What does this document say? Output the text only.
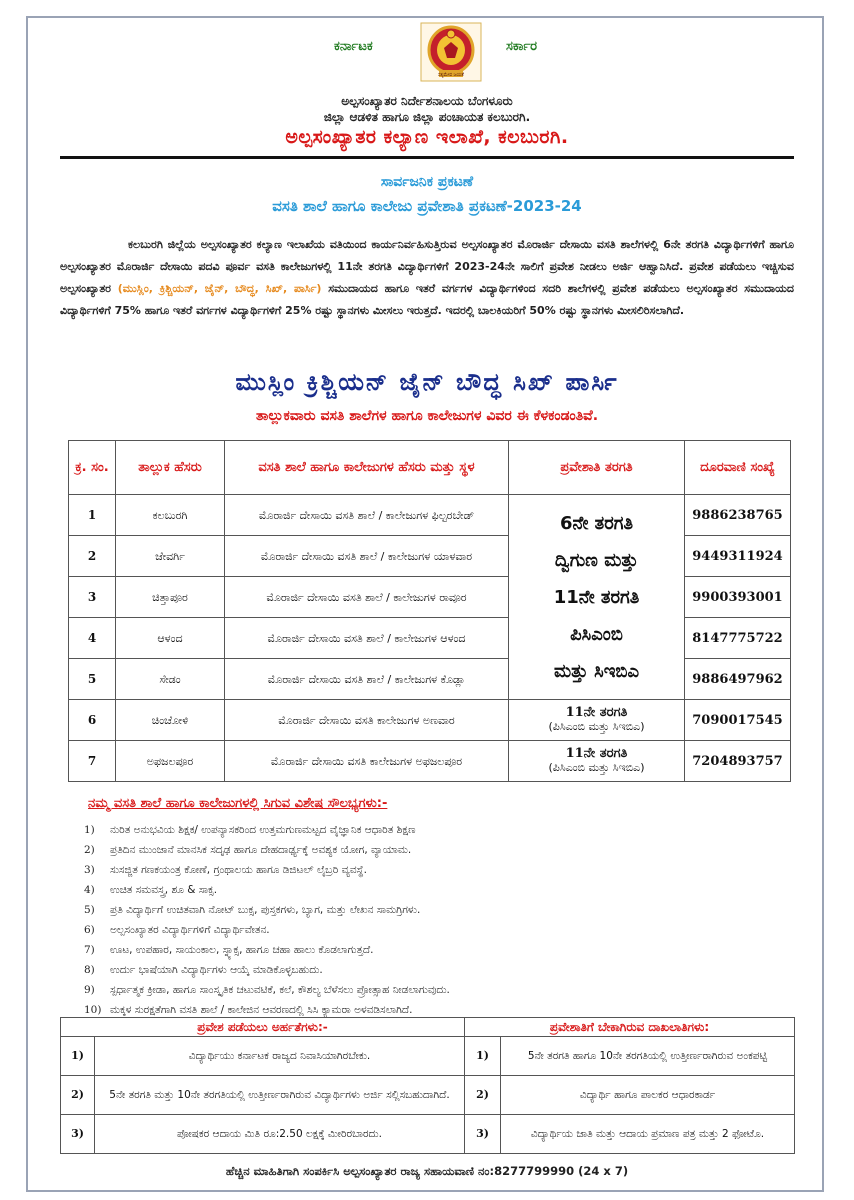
ಕರ್ನಾಟಕ
ಸತ್ಯಮೇವ ಜಯತೆ
ಸರ್ಕಾರ
ಅಲ್ಪಸಂಖ್ಯಾತರ ನಿರ್ದೇಶನಾಲಯ ಬೆಂಗಳೂರು
ಜಿಲ್ಲಾ ಆಡಳಿತ ಹಾಗೂ ಜಿಲ್ಲಾ ಪಂಚಾಯತ ಕಲಬುರಗಿ.
ಅಲ್ಪಸಂಖ್ಯಾತರ ಕಲ್ಯಾಣ ಇಲಾಖೆ, ಕಲಬುರಗಿ.
ಸಾರ್ವಜನಿಕ ಪ್ರಕಟಣೆ
ವಸತಿ ಶಾಲೆ ಹಾಗೂ ಕಾಲೇಜು ಪ್ರವೇಶಾತಿ ಪ್ರಕಟಣೆ-2023-24

ಕಲಬುರಗಿ ಜಿಲ್ಲೆಯ ಅಲ್ಪಸಂಖ್ಯಾತರ ಕಲ್ಯಾಣ ಇಲಾಖೆಯ ವತಿಯಿಂದ ಕಾರ್ಯನಿರ್ವಹಿಸುತ್ತಿರುವ ಅಲ್ಪಸಂಖ್ಯಾತರ ಮೊರಾರ್ಜಿ ದೇಸಾಯಿ ವಸತಿ ಶಾಲೆಗಳಲ್ಲಿ 6ನೇ ತರಗತಿ ವಿದ್ಯಾರ್ಥಿಗಳಿಗೆ ಹಾಗೂ ಅಲ್ಪಸಂಖ್ಯಾತರ ಮೊರಾರ್ಜಿ ದೇಸಾಯಿ ಪದವಿ ಪೂರ್ವ ವಸತಿ ಕಾಲೇಜುಗಳಲ್ಲಿ 11ನೇ ತರಗತಿ ವಿದ್ಯಾರ್ಥಿಗಳಿಗೆ 2023-24ನೇ ಸಾಲಿಗೆ ಪ್ರವೇಶ ನೀಡಲು ಅರ್ಜಿ ಆಹ್ವಾನಿಸಿದೆ. ಪ್ರವೇಶ ಪಡೆಯಲು ಇಚ್ಚಿಸುವ ಅಲ್ಪಸಂಖ್ಯಾತರ (ಮುಸ್ಲಿಂ, ಕ್ರಿಶ್ಚಿಯನ್, ಜೈನ್, ಬೌದ್ಧ, ಸಿಖ್, ಪಾರ್ಸಿ) ಸಮುದಾಯದ ಹಾಗೂ ಇತರೆ ವರ್ಗಗಳ ವಿದ್ಯಾರ್ಥಿಗಳಿಂದ ಸದರಿ ಶಾಲೆಗಳಲ್ಲಿ ಪ್ರವೇಶ ಪಡೆಯಲು ಅಲ್ಪಸಂಖ್ಯಾತರ ಸಮುದಾಯದ ವಿದ್ಯಾರ್ಥಿಗಳಿಗೆ 75% ಹಾಗೂ ಇತರೆ ವರ್ಗಗಳ ವಿದ್ಯಾರ್ಥಿಗಳಿಗೆ 25% ರಷ್ಟು ಸ್ಥಾನಗಳು ಮೀಸಲು ಇರುತ್ತದೆ. ಇದರಲ್ಲಿ ಬಾಲಕಿಯರಿಗೆ 50% ರಷ್ಟು ಸ್ಥಾನಗಳು ಮೀಸಲಿರಿಸಲಾಗಿದೆ.

ಮುಸ್ಲಿಂ ಕ್ರಿಶ್ಚಿಯನ್ ಜೈನ್ ಬೌದ್ಧ ಸಿಖ್ ಪಾರ್ಸಿ
ತಾಲ್ಲುಕವಾರು ವಸತಿ ಶಾಲೆಗಳ ಹಾಗೂ ಕಾಲೇಜುಗಳ ವಿವರ ಈ ಕೆಳಕಂಡಂತಿವೆ.
ಕ್ರ. ಸಂ.	ತಾಲ್ಲುಕ ಹೆಸರು	ವಸತಿ ಶಾಲೆ ಹಾಗೂ ಕಾಲೇಜುಗಳ ಹೆಸರು ಮತ್ತು ಸ್ಥಳ	ಪ್ರವೇಶಾತಿ ತರಗತಿ	ದೂರವಾಣಿ ಸಂಖ್ಯೆ
1	ಕಲಬುರಗಿ	ಮೊರಾರ್ಜಿ ದೇಸಾಯಿ ವಸತಿ ಶಾಲೆ / ಕಾಲೇಜುಗಳ ಫಿಲ್ಟರಬೇಡ್	6ನೇ ತರಗತಿ
ದ್ವಿಗುಣ ಮತ್ತು
11ನೇ ತರಗತಿ
ಪಿಸಿಎಂಬಿ
ಮತ್ತು ಸಿಇಬಿಎ	9886238765
2	ಜೇವರ್ಗಿ	ಮೊರಾರ್ಜಿ ದೇಸಾಯಿ ವಸತಿ ಶಾಲೆ / ಕಾಲೇಜುಗಳ ಯಾಳವಾರ		9449311924
3	ಚಿತ್ತಾಪೂರ	ಮೊರಾರ್ಜಿ ದೇಸಾಯಿ ವಸತಿ ಶಾಲೆ / ಕಾಲೇಜುಗಳ ರಾವೂರ		9900393001
4	ಆಳಂದ	ಮೊರಾರ್ಜಿ ದೇಸಾಯಿ ವಸತಿ ಶಾಲೆ / ಕಾಲೇಜುಗಳ ಆಳಂದ		8147775722
5	ಸೇಡಂ	ಮೊರಾರ್ಜಿ ದೇಸಾಯಿ ವಸತಿ ಶಾಲೆ / ಕಾಲೇಜುಗಳ ಕೊಡ್ಲಾ		9886497962
6	ಚಿಂಚೋಳಿ	ಮೊರಾರ್ಜಿ ದೇಸಾಯಿ ವಸತಿ ಕಾಲೇಜುಗಳ ಅಣವಾರ	11ನೇ ತರಗತಿ
(ಪಿಸಿಎಂಬಿ ಮತ್ತು ಸಿಇಬಿಎ)	7090017545
7	ಅಫಜಲಪೂರ	ಮೊರಾರ್ಜಿ ದೇಸಾಯಿ ವಸತಿ ಕಾಲೇಜುಗಳ ಅಫಜಲಪೂರ	11ನೇ ತರಗತಿ
(ಪಿಸಿಎಂಬಿ ಮತ್ತು ಸಿಇಬಿಎ)	7204893757
ನಮ್ಮ ವಸತಿ ಶಾಲೆ ಹಾಗೂ ಕಾಲೇಜುಗಳಲ್ಲಿ ಸಿಗುವ ವಿಶೇಷ ಸೌಲಭ್ಯಗಳು:-
1) ನುರಿತ ಅನುಭವಿಯ ಶಿಕ್ಷಕ/ ಉಪನ್ಯಾಸಕರಿಂದ ಉತ್ತಮಗುಣಮಟ್ಟದ ವೈಜ್ಞಾನಿಕ ಆಧಾರಿತ ಶಿಕ್ಷಣ
2) ಪ್ರತಿದಿನ ಮುಂಜಾನೆ ಮಾನಸಿಕ ಸದೃಢ ಹಾಗೂ ದೇಹದಾರ್ಢ್ಯಕ್ಕೆ ಅವಶ್ಯಕ ಯೋಗ, ವ್ಯಾಯಾಮ.
3) ಸುಸಜ್ಜಿತ ಗಣಕಯಂತ್ರ ಕೋಣೆ, ಗ್ರಂಥಾಲಯ ಹಾಗೂ ಡಿಜಿಟಲ್ ಲೈಬ್ರರಿ ವ್ಯವಸ್ಥೆ.
4) ಉಚಿತ ಸಮವಸ್ತ್ರ, ಶೂ & ಸಾಕ್ಸ.
5) ಪ್ರತಿ ವಿದ್ಯಾರ್ಥಿಗೆ ಉಚಿತವಾಗಿ ನೋಟ್ ಬುಕ್ಸ, ಪುಸ್ತಕಗಳು, ಬ್ಯಾಗ, ಮತ್ತು ಲೇಖನ ಸಾಮಗ್ರಿಗಳು.
6) ಅಲ್ಪಸಂಖ್ಯಾತರ ವಿದ್ಯಾರ್ಥಿಗಳಿಗೆ ವಿದ್ಯಾರ್ಥಿವೇತನ.
7) ಊಟ, ಉಪಹಾರ, ಸಾಯಂಕಾಲ, ಸ್ನ್ಯಾಕ್ಸ, ಹಾಗೂ ಚಹಾ ಹಾಲು ಕೊಡಲಾಗುತ್ತದೆ.
8) ಉರ್ದು ಭಾಷೆಯಾಗಿ ವಿದ್ಯಾರ್ಥಿಗಳು ಆಯ್ಕೆ ಮಾಡಿಕೊಳ್ಳಬಹುದು.
9) ಸ್ಪರ್ಧಾತ್ಮಕ ಕ್ರೀಡಾ, ಹಾಗೂ ಸಾಂಸ್ಕೃತಿಕ ಚಟುವಟಿಕೆ, ಕಲೆ, ಕೌಶಲ್ಯ ಬೆಳೆಸಲು ಪ್ರೋತ್ಸಾಹ ನೀಡಲಾಗುವುದು.
10) ಮಕ್ಕಳ ಸುರಕ್ಷತೆಗಾಗಿ ವಸತಿ ಶಾಲೆ / ಕಾಲೇಜಿನ ಆವರಣದಲ್ಲಿ ಸಿಸಿ ಕ್ಯಾಮರಾ ಅಳವಡಿಸಲಾಗಿದೆ.
ಪ್ರವೇಶ ಪಡೆಯಲು ಅರ್ಹತೆಗಳು:-		ಪ್ರವೇಶಾತಿಗೆ ಬೇಕಾಗಿರುವ ದಾಖಲಾತಿಗಳು:	
1)	ವಿದ್ಯಾರ್ಥಿಯು ಕರ್ನಾಟಕ ರಾಜ್ಯದ ನಿವಾಸಿಯಾಗಿರಬೇಕು.	1)	5ನೇ ತರಗತಿ ಹಾಗೂ 10ನೇ ತರಗತಿಯಲ್ಲಿ ಉತ್ತೀರ್ಣರಾಗಿರುವ ಅಂಕಪಟ್ಟಿ
2)	5ನೇ ತರಗತಿ ಮತ್ತು 10ನೇ ತರಗತಿಯಲ್ಲಿ ಉತ್ತೀರ್ಣರಾಗಿರುವ ವಿದ್ಯಾರ್ಥಿಗಳು ಅರ್ಜಿ ಸಲ್ಲಿಸಬಹುದಾಗಿದೆ.	2)	ವಿದ್ಯಾರ್ಥಿ ಹಾಗೂ ಪಾಲಕರ ಆಧಾರಕಾರ್ಡ
3)	ಪೋಷಕರ ಆದಾಯ ಮಿತಿ ರೂ:2.50 ಲಕ್ಷಕ್ಕೆ ಮೀರಿರಬಾರದು.	3)	ವಿದ್ಯಾರ್ಥಿಯ ಜಾತಿ ಮತ್ತು ಆದಾಯ ಪ್ರಮಾಣ ಪತ್ರ ಮತ್ತು 2 ಫೋಟೊ.
ಹೆಚ್ಚಿನ ಮಾಹಿತಿಗಾಗಿ ಸಂಪರ್ಕಿಸಿ ಅಲ್ಪಸಂಖ್ಯಾತರ ರಾಜ್ಯ ಸಹಾಯವಾಣಿ ನಂ:8277799990 (24 x 7)
